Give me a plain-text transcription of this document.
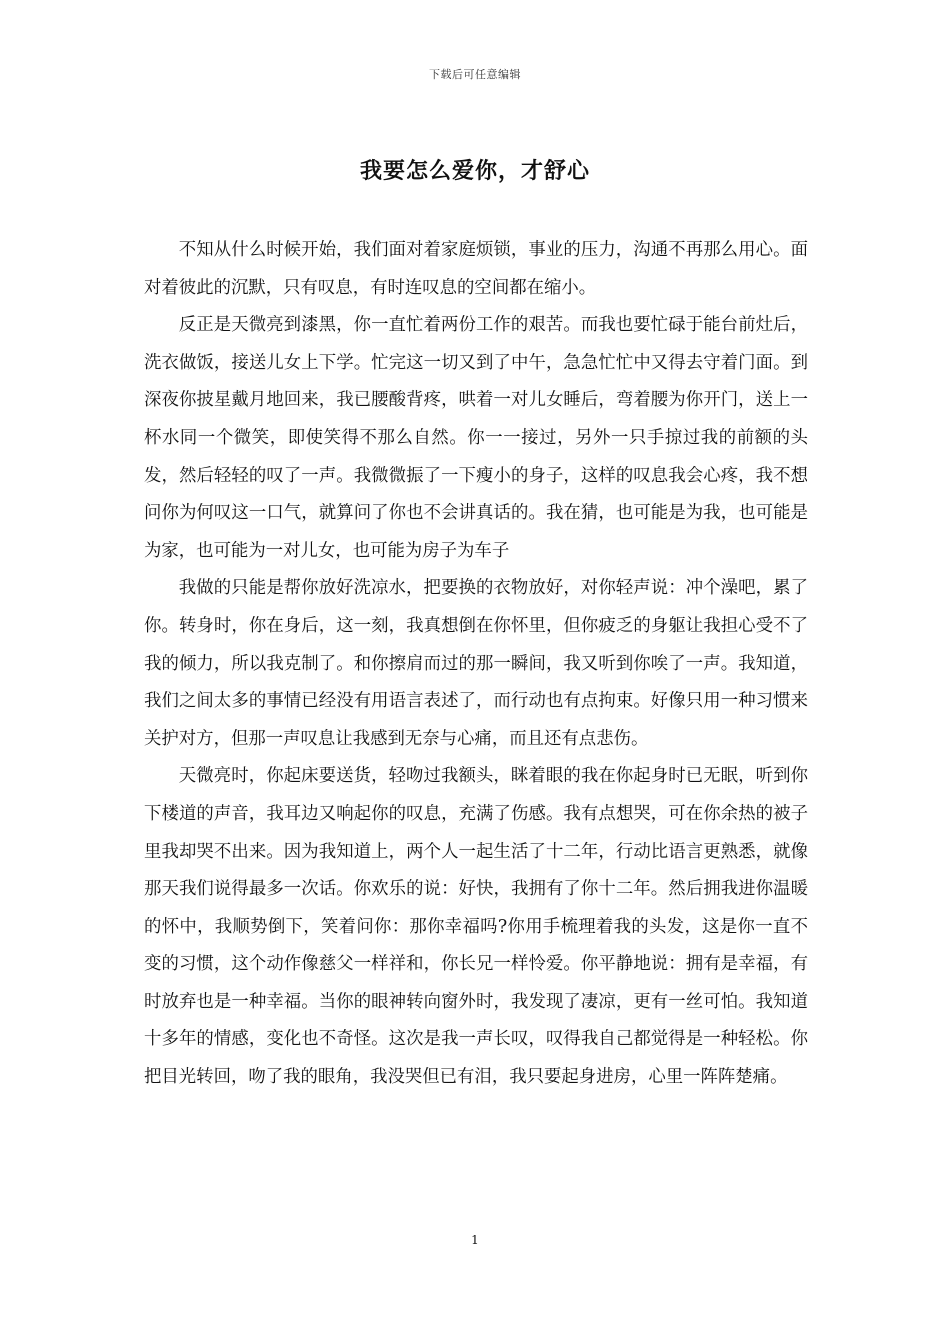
下载后可任意编辑
我要怎么爱你，才舒心

不知从什么时候开始，我们面对着家庭烦锁，事业的压力，沟通不再那么用心。面对着彼此的沉默，只有叹息，有时连叹息的空间都在缩小。

反正是天微亮到漆黑，你一直忙着两份工作的艰苦。而我也要忙碌于能台前灶后，洗衣做饭，接送儿女上下学。忙完这一切又到了中午，急急忙忙中又得去守着门面。到深夜你披星戴月地回来，我已腰酸背疼，哄着一对儿女睡后，弯着腰为你开门，送上一杯水同一个微笑，即使笑得不那么自然。你一一接过，另外一只手掠过我的前额的头发，然后轻轻的叹了一声。我微微振了一下瘦小的身子，这样的叹息我会心疼，我不想问你为何叹这一口气，就算问了你也不会讲真话的。我在猜，也可能是为我，也可能是为家，也可能为一对儿女，也可能为房子为车子

我做的只能是帮你放好洗凉水，把要换的衣物放好，对你轻声说：冲个澡吧，累了你。转身时，你在身后，这一刻，我真想倒在你怀里，但你疲乏的身躯让我担心受不了我的倾力，所以我克制了。和你擦肩而过的那一瞬间，我又听到你唉了一声。我知道，我们之间太多的事情已经没有用语言表述了，而行动也有点拘束。好像只用一种习惯来关护对方，但那一声叹息让我感到无奈与心痛，而且还有点悲伤。

天微亮时，你起床要送货，轻吻过我额头，眯着眼的我在你起身时已无眠，听到你下楼道的声音，我耳边又响起你的叹息，充满了伤感。我有点想哭，可在你余热的被子里我却哭不出来。因为我知道上，两个人一起生活了十二年，行动比语言更熟悉，就像那天我们说得最多一次话。你欢乐的说：好快，我拥有了你十二年。然后拥我进你温暖的怀中，我顺势倒下，笑着问你：那你幸福吗?你用手梳理着我的头发，这是你一直不变的习惯，这个动作像慈父一样祥和，你长兄一样怜爱。你平静地说：拥有是幸福，有时放弃也是一种幸福。当你的眼神转向窗外时，我发现了凄凉，更有一丝可怕。我知道十多年的情感，变化也不奇怪。这次是我一声长叹，叹得我自己都觉得是一种轻松。你把目光转回，吻了我的眼角，我没哭但已有泪，我只要起身进房，心里一阵阵楚痛。

1
